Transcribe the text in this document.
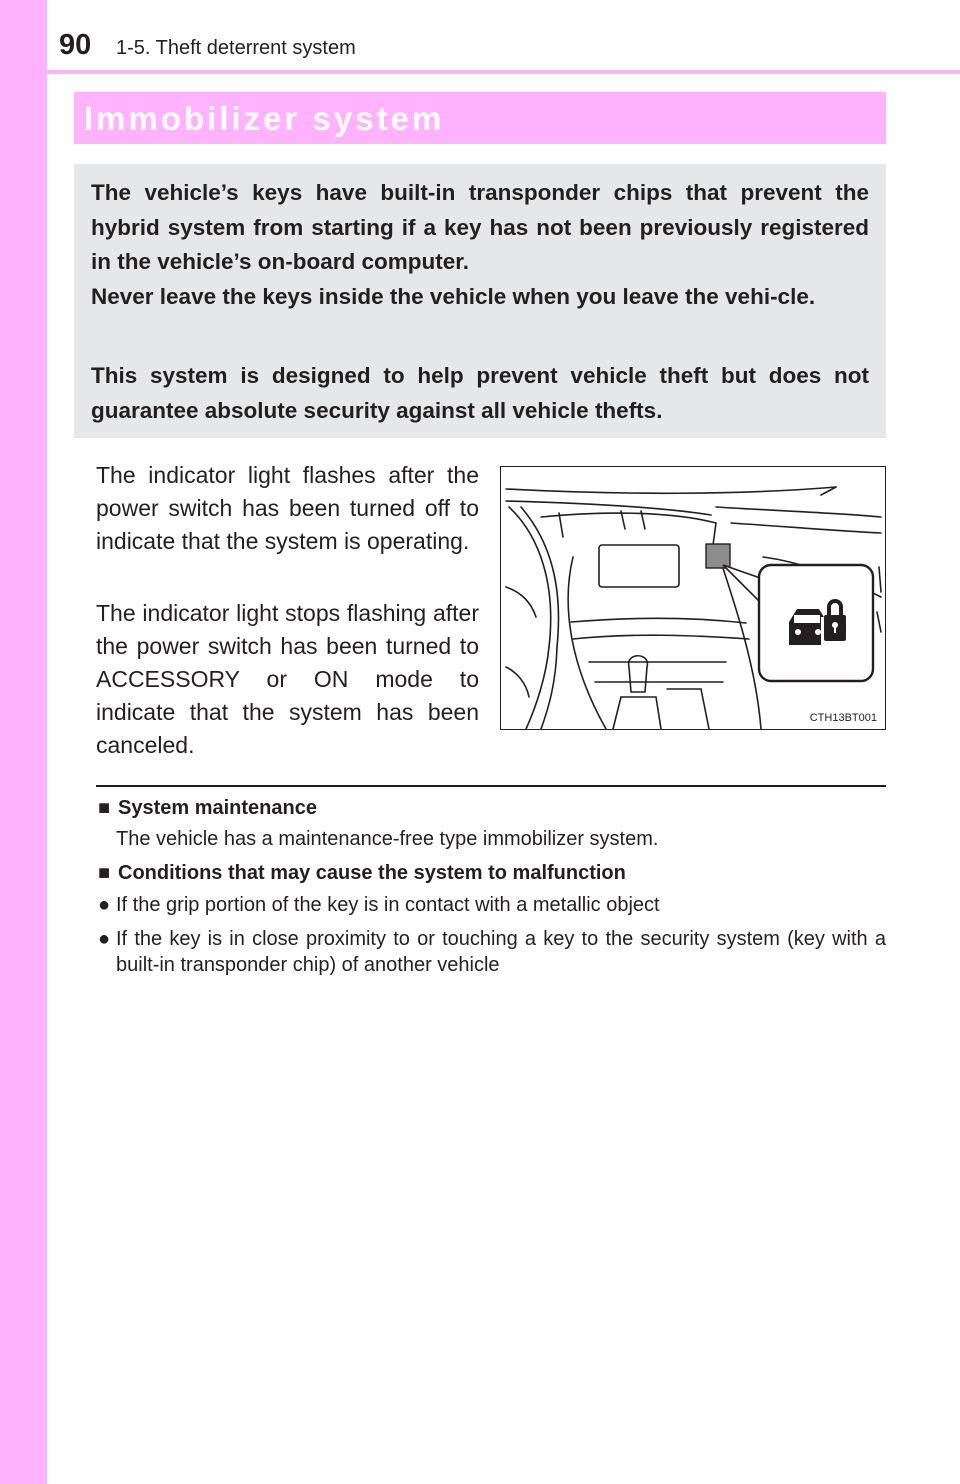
90 1-5. Theft deterrent system
Immobilizer system

The vehicle’s keys have built-in transponder chips that prevent the hybrid system from starting if a key has not been previously registered in the vehicle’s on-board computer.

Never leave the keys inside the vehicle when you leave the vehi-cle.

This system is designed to help prevent vehicle theft but does not guarantee absolute security against all vehicle thefts.

The indicator light flashes after the power switch has been turned off to indicate that the system is operating.

The indicator light stops flashing after the power switch has been turned to ACCESSORY or ON mode to indicate that the system has been canceled.

CTH13BT001
■ System maintenance
The vehicle has a maintenance-free type immobilizer system.
■ Conditions that may cause the system to malfunction
● If the grip portion of the key is in contact with a metallic object
● If the key is in close proximity to or touching a key to the security system (key with a built-in transponder chip) of another vehicle
